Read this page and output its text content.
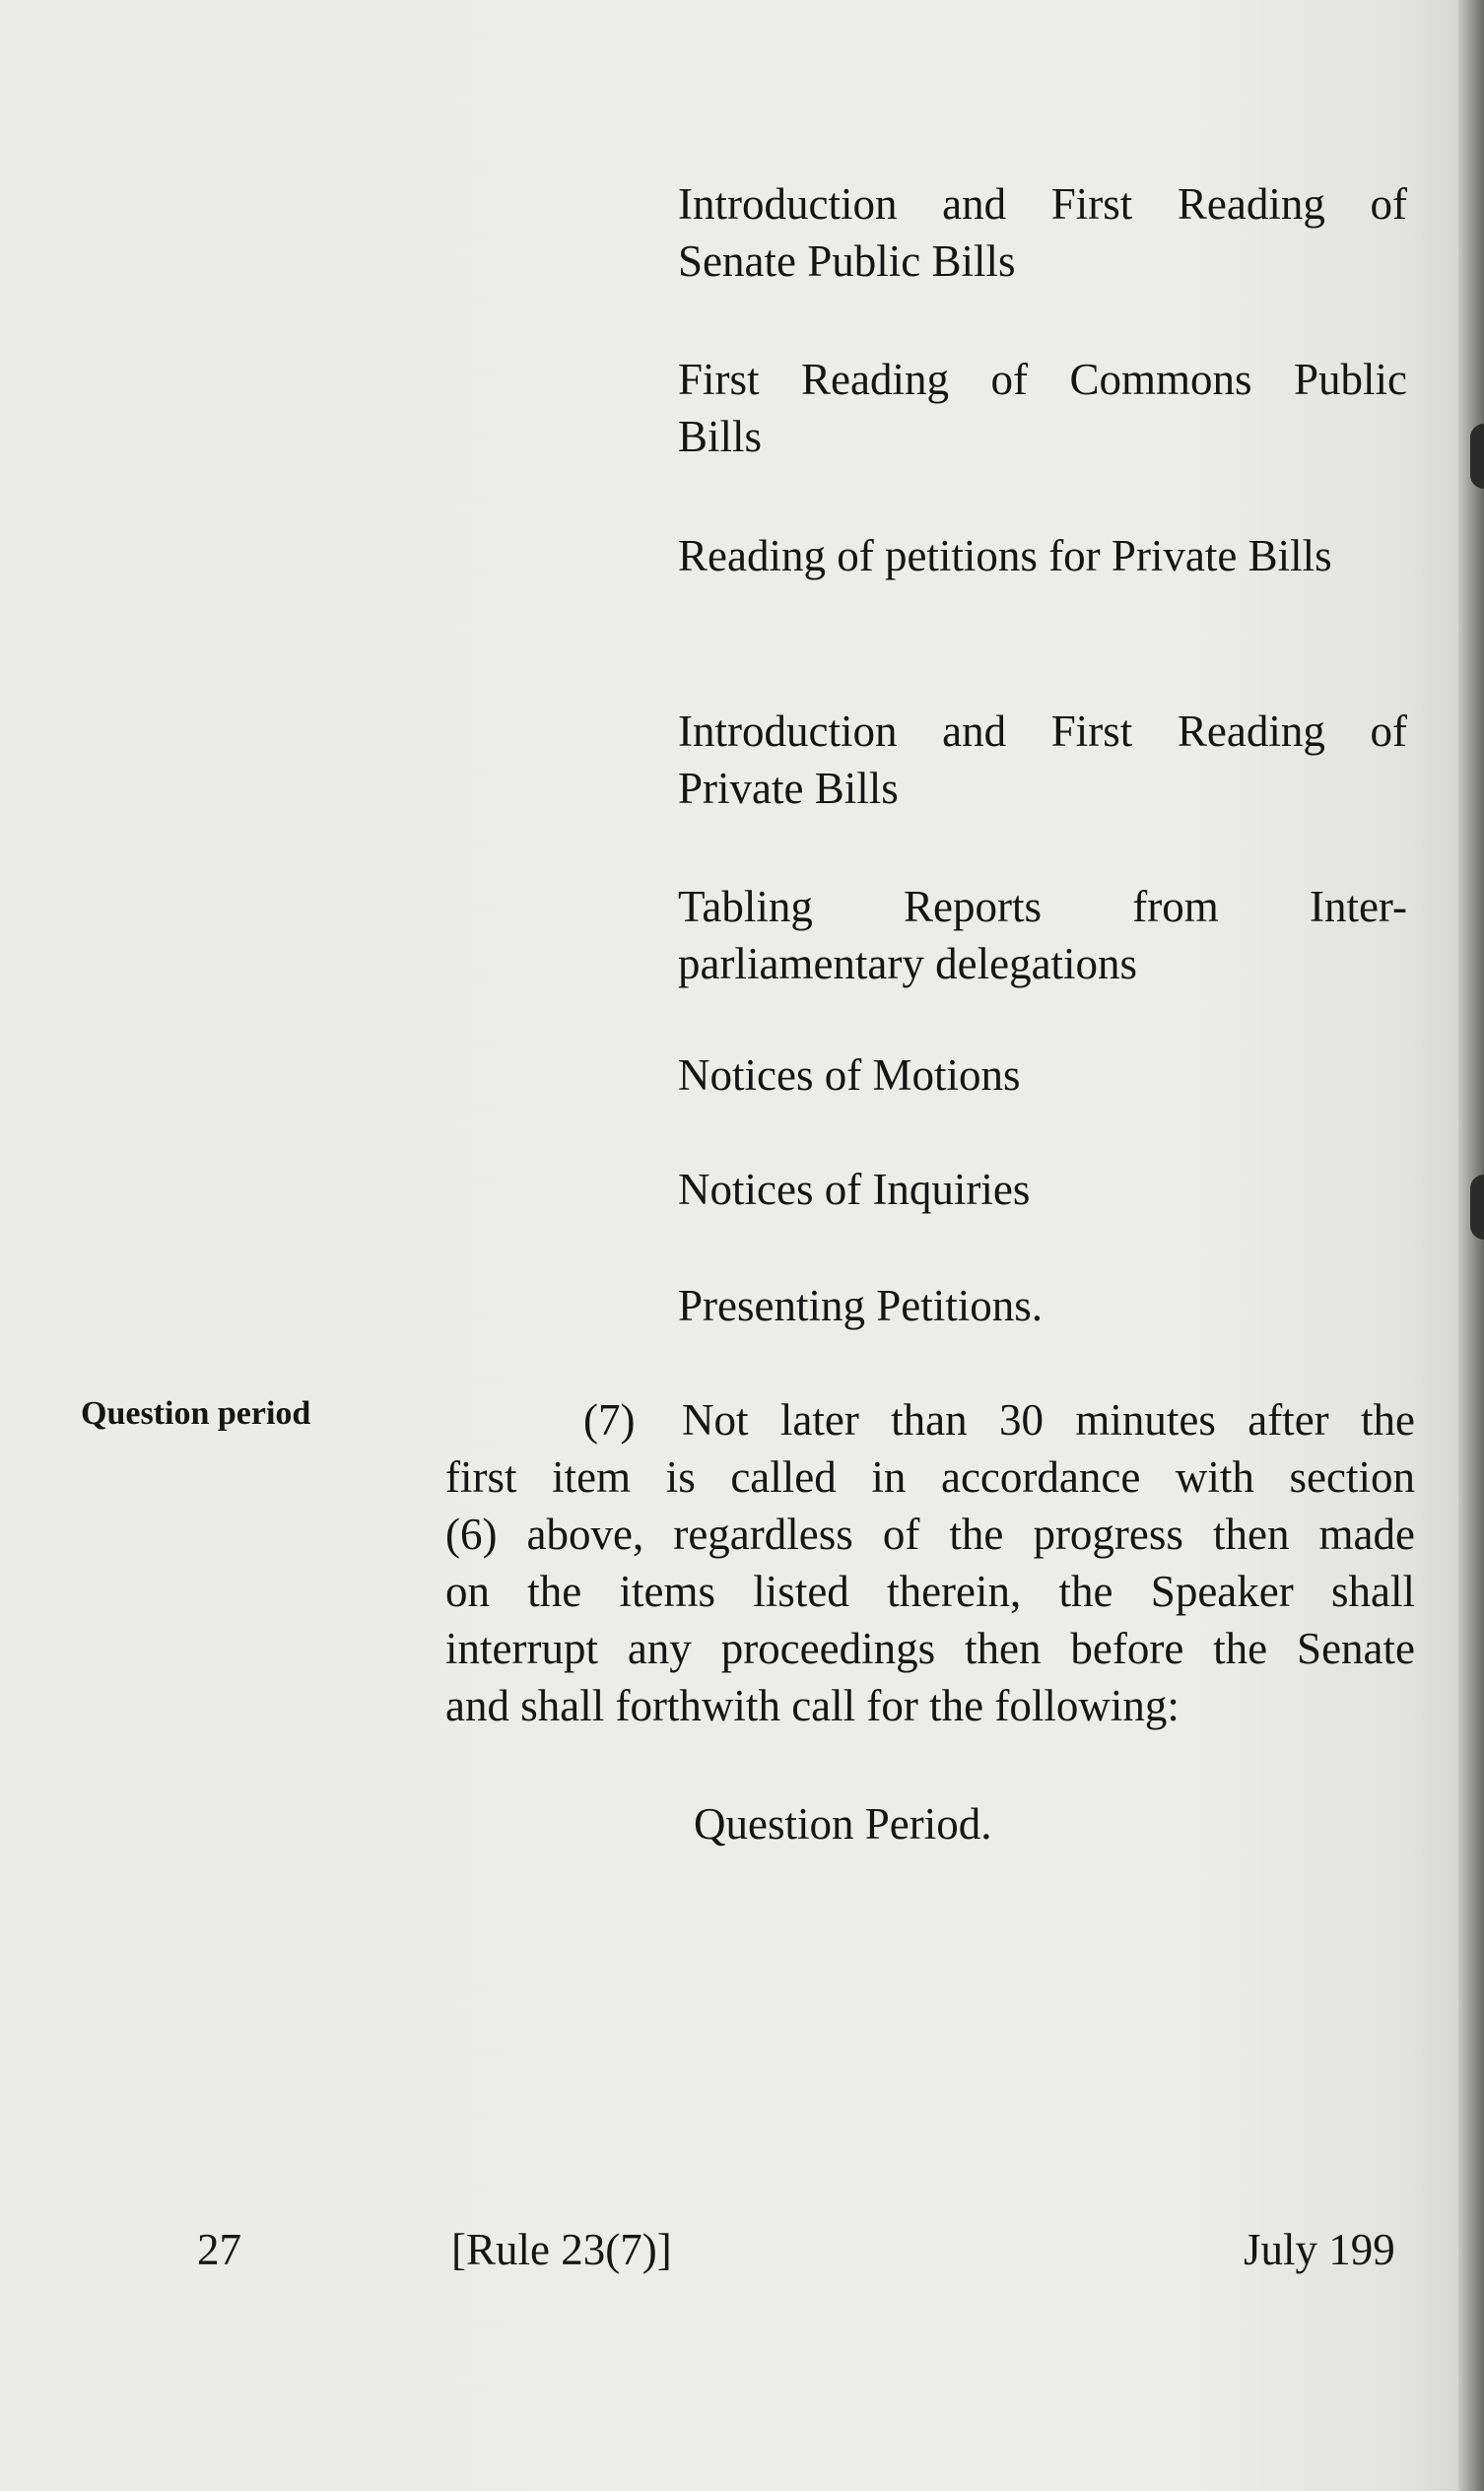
Introduction and First Reading of
Senate Public Bills
First Reading of Commons Public
Bills
Reading of petitions for Private Bills
Introduction and First Reading of
Private Bills
Tabling Reports from Inter-
parliamentary delegations
Notices of Motions
Notices of Inquiries
Presenting Petitions.
Question period	(7) Not later than 30 minutes after the
first item is called in accordance with section
(6) above, regardless of the progress then made
on the items listed therein, the Speaker shall
interrupt any proceedings then before the Senate
and shall forthwith call for the following:
Question Period.
27	[Rule 23(7)]	July 199
